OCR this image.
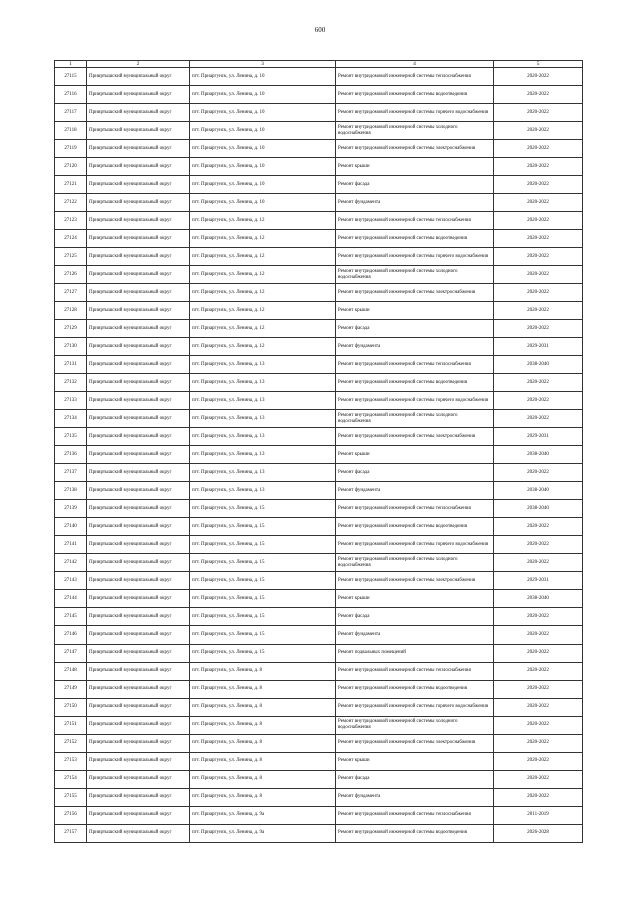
600
1	2	3	4	5
27115	Прииртышский муниципальный округ	пгт. Приаргунск, ул. Ленина, д. 10	Ремонт внутридомовой инженерной системы теплоснабжения	2020-2022
27116	Прииртышский муниципальный округ	пгт. Приаргунск, ул. Ленина, д. 10	Ремонт внутридомовой инженерной системы водоотведения	2020-2022
27117	Прииртышский муниципальный округ	пгт. Приаргунск, ул. Ленина, д. 10	Ремонт внутридомовой инженерной системы горячего водоснабжения	2020-2022
27118	Прииртышский муниципальный округ	пгт. Приаргунск, ул. Ленина, д. 10	Ремонт внутридомовой инженерной системы холодного водоснабжения	2020-2022
27119	Прииртышский муниципальный округ	пгт. Приаргунск, ул. Ленина, д. 10	Ремонт внутридомовой инженерной системы электроснабжения	2020-2022
27120	Прииртышский муниципальный округ	пгт. Приаргунск, ул. Ленина, д. 10	Ремонт крыши	2020-2022
27121	Прииртышский муниципальный округ	пгт. Приаргунск, ул. Ленина, д. 10	Ремонт фасада	2020-2022
27122	Прииртышский муниципальный округ	пгт. Приаргунск, ул. Ленина, д. 10	Ремонт фундамента	2020-2022
27123	Прииртышский муниципальный округ	пгт. Приаргунск, ул. Ленина, д. 12	Ремонт внутридомовой инженерной системы теплоснабжения	2020-2022
27124	Прииртышский муниципальный округ	пгт. Приаргунск, ул. Ленина, д. 12	Ремонт внутридомовой инженерной системы водоотведения	2020-2022
27125	Прииртышский муниципальный округ	пгт. Приаргунск, ул. Ленина, д. 12	Ремонт внутридомовой инженерной системы горячего водоснабжения	2020-2022
27126	Прииртышский муниципальный округ	пгт. Приаргунск, ул. Ленина, д. 12	Ремонт внутридомовой инженерной системы холодного водоснабжения	2020-2022
27127	Прииртышский муниципальный округ	пгт. Приаргунск, ул. Ленина, д. 12	Ремонт внутридомовой инженерной системы электроснабжения	2020-2022
27128	Прииртышский муниципальный округ	пгт. Приаргунск, ул. Ленина, д. 12	Ремонт крыши	2020-2022
27129	Прииртышский муниципальный округ	пгт. Приаргунск, ул. Ленина, д. 12	Ремонт фасада	2020-2022
27130	Прииртышский муниципальный округ	пгт. Приаргунск, ул. Ленина, д. 12	Ремонт фундамента	2029-2031
27131	Прииртышский муниципальный округ	пгт. Приаргунск, ул. Ленина, д. 13	Ремонт внутридомовой инженерной системы теплоснабжения	2038-2040
27132	Прииртышский муниципальный округ	пгт. Приаргунск, ул. Ленина, д. 13	Ремонт внутридомовой инженерной системы водоотведения	2020-2022
27133	Прииртышский муниципальный округ	пгт. Приаргунск, ул. Ленина, д. 13	Ремонт внутридомовой инженерной системы горячего водоснабжения	2020-2022
27134	Прииртышский муниципальный округ	пгт. Приаргунск, ул. Ленина, д. 13	Ремонт внутридомовой инженерной системы холодного водоснабжения	2020-2022
27135	Прииртышский муниципальный округ	пгт. Приаргунск, ул. Ленина, д. 13	Ремонт внутридомовой инженерной системы электроснабжения	2029-2031
27136	Прииртышский муниципальный округ	пгт. Приаргунск, ул. Ленина, д. 13	Ремонт крыши	2038-2040
27137	Прииртышский муниципальный округ	пгт. Приаргунск, ул. Ленина, д. 13	Ремонт фасада	2020-2022
27138	Прииртышский муниципальный округ	пгт. Приаргунск, ул. Ленина, д. 13	Ремонт фундамента	2038-2040
27139	Прииртышский муниципальный округ	пгт. Приаргунск, ул. Ленина, д. 15	Ремонт внутридомовой инженерной системы теплоснабжения	2038-2040
27140	Прииртышский муниципальный округ	пгт. Приаргунск, ул. Ленина, д. 15	Ремонт внутридомовой инженерной системы водоотведения	2020-2022
27141	Прииртышский муниципальный округ	пгт. Приаргунск, ул. Ленина, д. 15	Ремонт внутридомовой инженерной системы горячего водоснабжения	2020-2022
27142	Прииртышский муниципальный округ	пгт. Приаргунск, ул. Ленина, д. 15	Ремонт внутридомовой инженерной системы холодного водоснабжения	2020-2022
27143	Прииртышский муниципальный округ	пгт. Приаргунск, ул. Ленина, д. 15	Ремонт внутридомовой инженерной системы электроснабжения	2029-2031
27144	Прииртышский муниципальный округ	пгт. Приаргунск, ул. Ленина, д. 15	Ремонт крыши	2038-2040
27145	Прииртышский муниципальный округ	пгт. Приаргунск, ул. Ленина, д. 15	Ремонт фасада	2020-2022
27146	Прииртышский муниципальный округ	пгт. Приаргунск, ул. Ленина, д. 15	Ремонт фундамента	2020-2022
27147	Прииртышский муниципальный округ	пгт. Приаргунск, ул. Ленина, д. 15	Ремонт подвальных помещений	2020-2022
27148	Прииртышский муниципальный округ	пгт. Приаргунск, ул. Ленина, д. 8	Ремонт внутридомовой инженерной системы теплоснабжения	2020-2022
27149	Прииртышский муниципальный округ	пгт. Приаргунск, ул. Ленина, д. 8	Ремонт внутридомовой инженерной системы водоотведения	2020-2022
27150	Прииртышский муниципальный округ	пгт. Приаргунск, ул. Ленина, д. 8	Ремонт внутридомовой инженерной системы горячего водоснабжения	2020-2022
27151	Прииртышский муниципальный округ	пгт. Приаргунск, ул. Ленина, д. 8	Ремонт внутридомовой инженерной системы холодного водоснабжения	2020-2022
27152	Прииртышский муниципальный округ	пгт. Приаргунск, ул. Ленина, д. 8	Ремонт внутридомовой инженерной системы электроснабжения	2020-2022
27153	Прииртышский муниципальный округ	пгт. Приаргунск, ул. Ленина, д. 8	Ремонт крыши	2020-2022
27154	Прииртышский муниципальный округ	пгт. Приаргунск, ул. Ленина, д. 8	Ремонт фасада	2020-2022
27155	Прииртышский муниципальный округ	пгт. Приаргунск, ул. Ленина, д. 8	Ремонт фундамента	2020-2022
27156	Прииртышский муниципальный округ	пгт. Приаргунск, ул. Ленина, д. 9а	Ремонт внутридомовой инженерной системы теплоснабжения	2011-2019
27157	Прииртышский муниципальный округ	пгт. Приаргунск, ул. Ленина, д. 9а	Ремонт внутридомовой инженерной системы водоотведения	2026-2028
